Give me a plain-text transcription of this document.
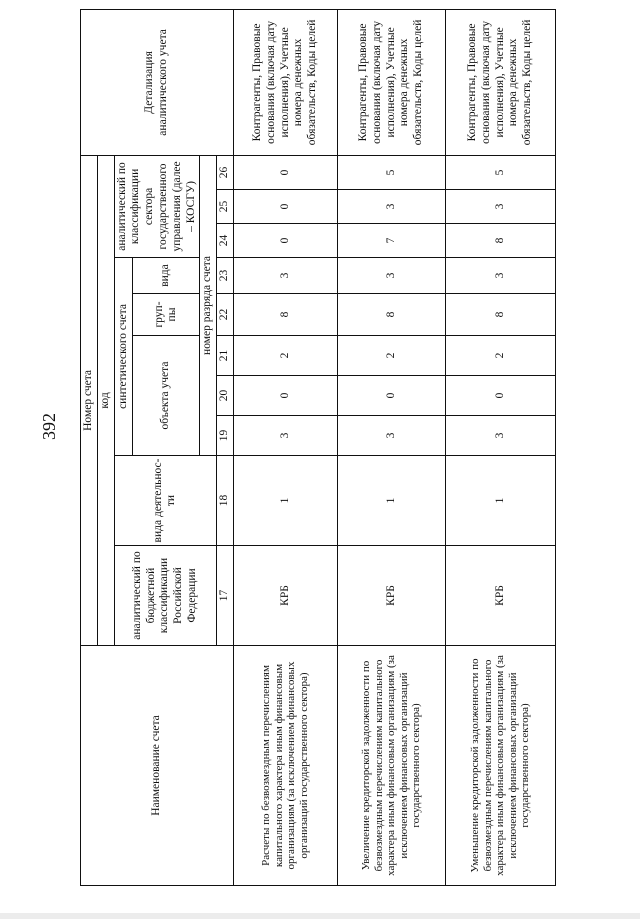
392
Наименование счета	Номер счета										Детализация аналитического учета
	код										
	аналитический по бюджетной классификации Российской Федерации	вида деятельнос-ти	синтетического счета					аналитический по классификации сектора государственного управления (далее – КОСГУ)			
			объекта учета			груп-пы	вида				
			номер разряда счета								
	17	18	19	20	21	22	23	24	25	26	
Расчеты по безвозмездным перечислениям капитального характера иным финансовым организациям (за исключением финансовых организаций государственного сектора)	КРБ	1	3	0	2	8	3	0	0	0	Контрагенты, Правовые основания (включая дату исполнения), Учетные номера денежных обязательств, Коды целей
Увеличение кредиторской задолженности по безвозмездным перечислениям капитального характера иным финансовым организациям (за исключением финансовых организаций государственного сектора)	КРБ	1	3	0	2	8	3	7	3	5	Контрагенты, Правовые основания (включая дату исполнения), Учетные номера денежных обязательств, Коды целей
Уменьшение кредиторской задолженности по безвозмездным перечислениям капитального характера иным финансовым организациям (за исключением финансовых организаций государственного сектора)	КРБ	1	3	0	2	8	3	8	3	5	Контрагенты, Правовые основания (включая дату исполнения), Учетные номера денежных обязательств, Коды целей
